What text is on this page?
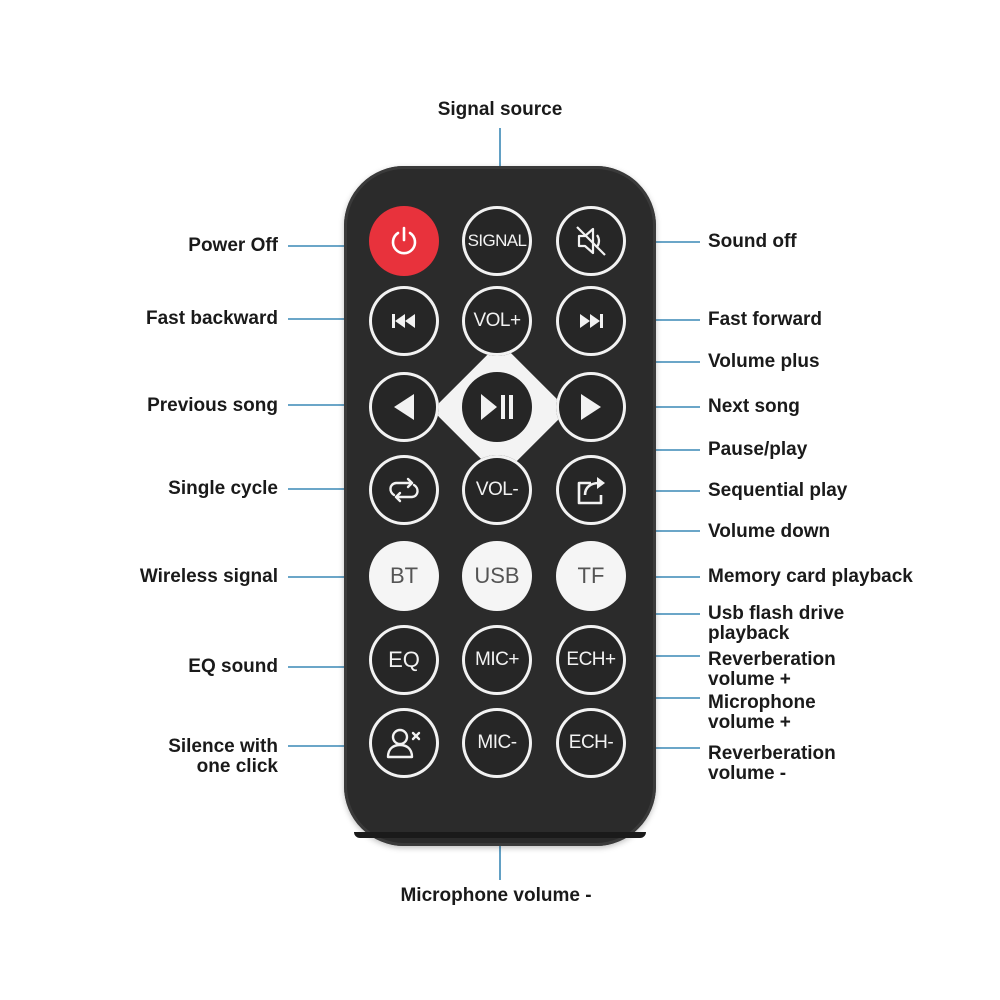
SIGNAL
VOL+
VOL-
BT	USB	TF
EQ	MIC+ ECH+
MIC-	ECH-
Signal source
Power Off	Sound off
Fast backward	Fast forward
Volume plus
Previous song	Next song
Pause/play
Single cycle	Sequential play
Volume down
Wireless signal	Memory card playback
Usb flash drive
playback
EQ sound	Reverberation
volume +
Microphone
volume +
Silence with
one click
Reverberation
volume -
Microphone volume -
